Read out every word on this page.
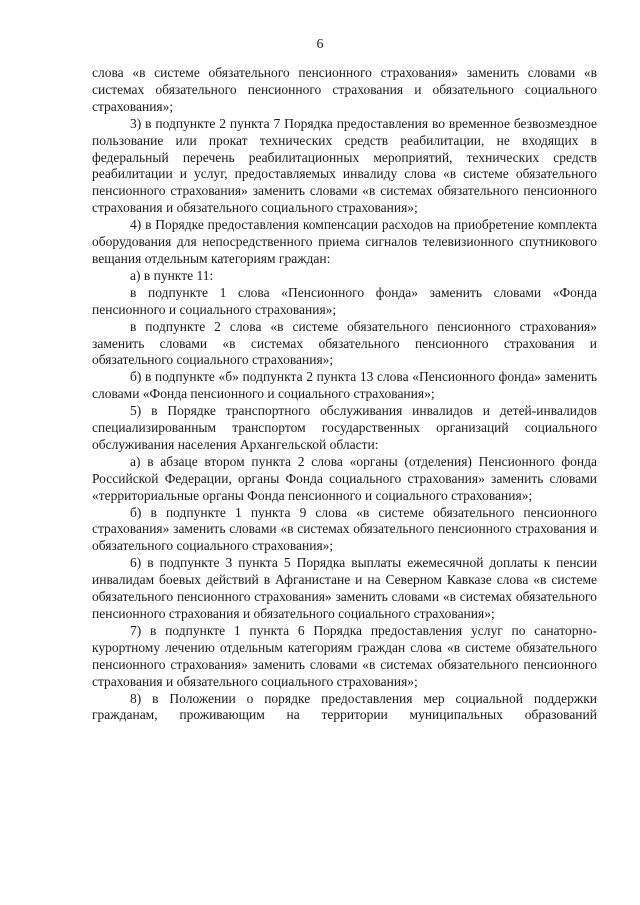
6

слова «в системе обязательного пенсионного страхования» заменить словами «в системах обязательного пенсионного страхования и обязательного социального страхования»;

3) в подпункте 2 пункта 7 Порядка предоставления во временное безвозмездное пользование или прокат технических средств реабилитации, не входящих в федеральный перечень реабилитационных мероприятий, технических средств реабилитации и услуг, предоставляемых инвалиду слова «в системе обязательного пенсионного страхования» заменить словами «в системах обязательного пенсионного страхования и обязательного социального страхования»;

4) в Порядке предоставления компенсации расходов на приобретение комплекта оборудования для непосредственного приема сигналов телевизионного спутникового вещания отдельным категориям граждан:

а) в пункте 11:

в подпункте 1 слова «Пенсионного фонда» заменить словами «Фонда пенсионного и социального страхования»;

в подпункте 2 слова «в системе обязательного пенсионного страхования» заменить словами «в системах обязательного пенсионного страхования и обязательного социального страхования»;

б) в подпункте «б» подпункта 2 пункта 13 слова «Пенсионного фонда» заменить словами «Фонда пенсионного и социального страхования»;

5) в Порядке транспортного обслуживания инвалидов и детей-инвалидов специализированным транспортом государственных организаций социального обслуживания населения Архангельской области:

а) в абзаце втором пункта 2 слова «органы (отделения) Пенсионного фонда Российской Федерации, органы Фонда социального страхования» заменить словами «территориальные органы Фонда пенсионного и социального страхования»;

б) в подпункте 1 пункта 9 слова «в системе обязательного пенсионного страхования» заменить словами «в системах обязательного пенсионного страхования и обязательного социального страхования»;

6) в подпункте 3 пункта 5 Порядка выплаты ежемесячной доплаты к пенсии инвалидам боевых действий в Афганистане и на Северном Кавказе слова «в системе обязательного пенсионного страхования» заменить словами «в системах обязательного пенсионного страхования и обязательного социального страхования»;

7) в подпункте 1 пункта 6 Порядка предоставления услуг по санаторно-курортному лечению отдельным категориям граждан слова «в системе обязательного пенсионного страхования» заменить словами «в системах обязательного пенсионного страхования и обязательного социального страхования»;

8) в Положении о порядке предоставления мер социальной поддержки гражданам, проживающим на территории муниципальных образований
